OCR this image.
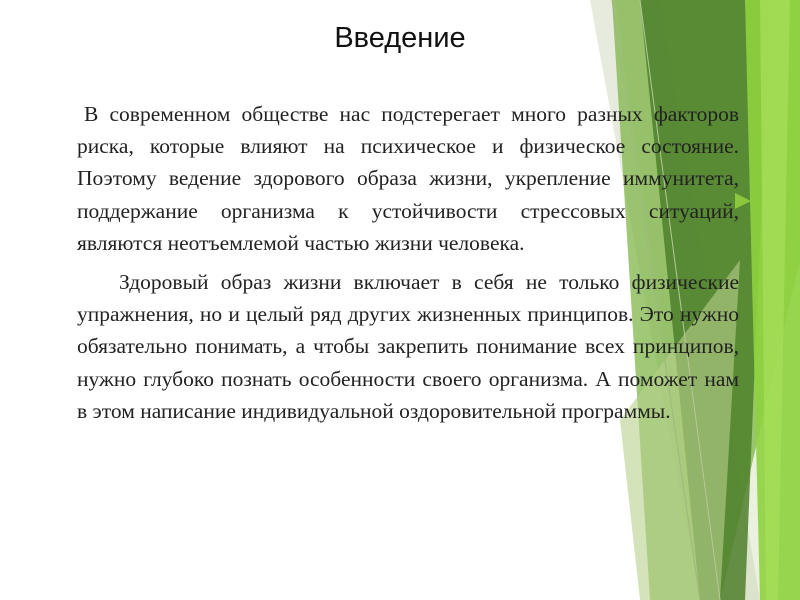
Введение

В современном обществе нас подстерегает много разных факторов риска, которые влияют на психическое и физическое состояние. Поэтому ведение здорового образа жизни, укрепление иммунитета, поддержание организма к устойчивости стрессовых ситуаций, являются неотъемлемой частью жизни человека.

Здоровый образ жизни включает в себя не только физические упражнения, но и целый ряд других жизненных принципов. Это нужно обязательно понимать, а чтобы закрепить понимание всех принципов, нужно глубоко познать особенности своего организма. А поможет нам в этом написание индивидуальной оздоровительной программы.
